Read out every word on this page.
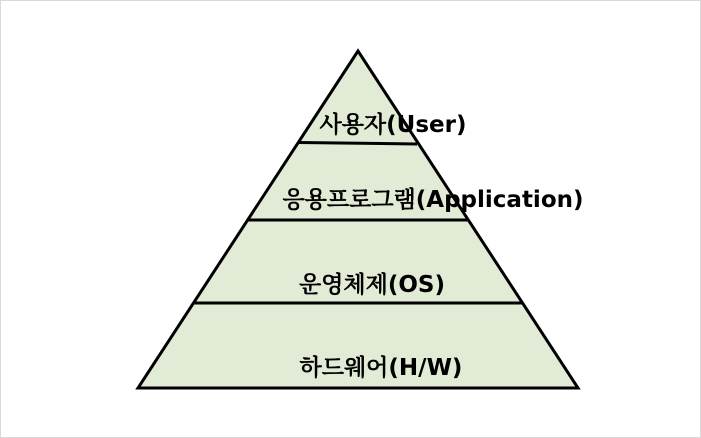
사용자(User)
응용프로그램(Application)
운영체제(OS)
하드웨어(H/W)
